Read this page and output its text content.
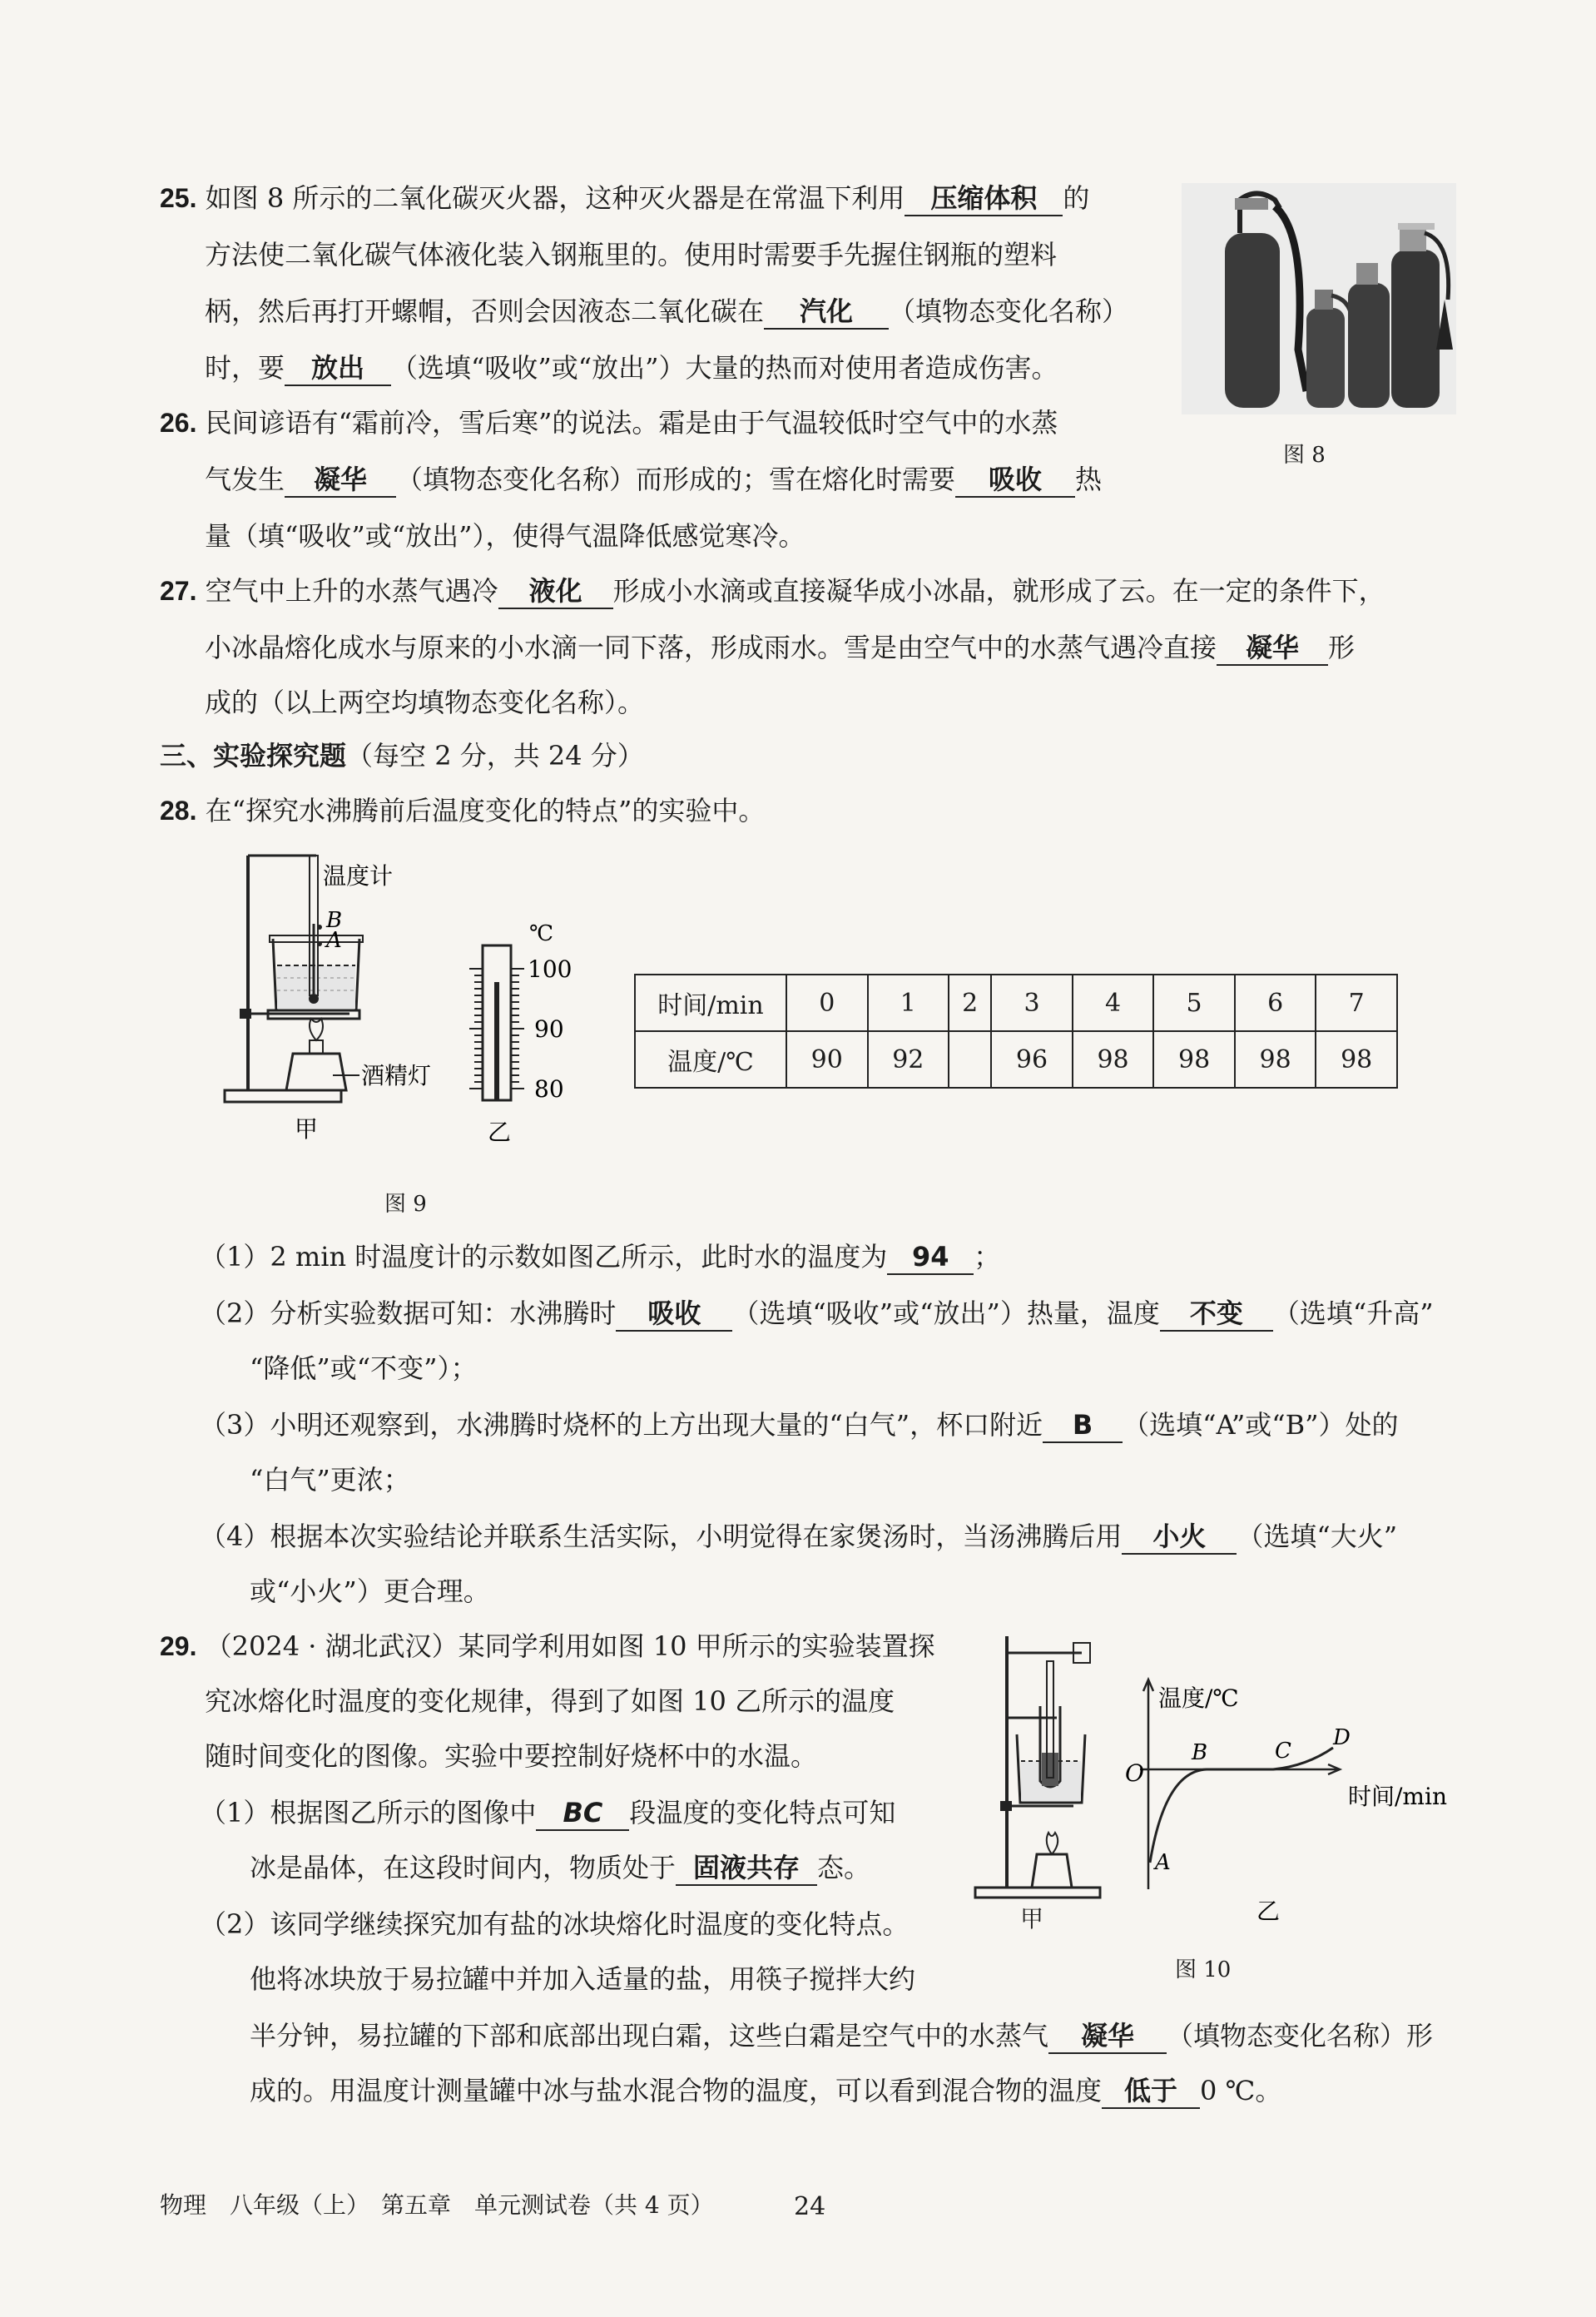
25. 如图 8 所示的二氧化碳灭火器，这种灭火器是在常温下利用 压缩体积 的
方法使二氧化碳气体液化装入钢瓶里的。使用时需要手先握住钢瓶的塑料
柄，然后再打开螺帽，否则会因液态二氧化碳在 汽化 （填物态变化名称）
时，要 放出 （选填“吸收”或“放出”）大量的热而对使用者造成伤害。
图 8
26. 民间谚语有“霜前冷，雪后寒”的说法。霜是由于气温较低时空气中的水蒸
气发生 凝华 （填物态变化名称）而形成的；雪在熔化时需要 吸收 热
量（填“吸收”或“放出”），使得气温降低感觉寒冷。
27. 空气中上升的水蒸气遇冷 液化 形成小水滴或直接凝华成小冰晶，就形成了云。在一定的条件下，
小冰晶熔化成水与原来的小水滴一同下落，形成雨水。雪是由空气中的水蒸气遇冷直接 凝华 形
成的（以上两空均填物态变化名称）。
三、实验探究题（每空 2 分，共 24 分）
28. 在“探究水沸腾前后温度变化的特点”的实验中。
温度计
B
A
酒精灯
甲
℃
100
90
80
乙
图 9
时间/min	0	1	2	3	4	5	6	7
温度/℃	90	92		96	98	98	98	98
（1）2 min 时温度计的示数如图乙所示，此时水的温度为 94 ；
（2）分析实验数据可知：水沸腾时 吸收 （选填“吸收”或“放出”）热量，温度 不变 （选填“升高”
“降低”或“不变”）；
（3）小明还观察到，水沸腾时烧杯的上方出现大量的“白气”，杯口附近 B （选填“A”或“B”）处的
“白气”更浓；
（4）根据本次实验结论并联系生活实际，小明觉得在家煲汤时，当汤沸腾后用 小火 （选填“大火”
或“小火”）更合理。
29. （2024 · 湖北武汉）某同学利用如图 10 甲所示的实验装置探
究冰熔化时温度的变化规律，得到了如图 10 乙所示的温度
随时间变化的图像。实验中要控制好烧杯中的水温。
（1）根据图乙所示的图像中 BC 段温度的变化特点可知
冰是晶体，在这段时间内，物质处于 固液共存 态。
（2）该同学继续探究加有盐的冰块熔化时温度的变化特点。
他将冰块放于易拉罐中并加入适量的盐，用筷子搅拌大约
半分钟，易拉罐的下部和底部出现白霜，这些白霜是空气中的水蒸气 凝华 （填物态变化名称）形
成的。用温度计测量罐中冰与盐水混合物的温度，可以看到混合物的温度 低于 0 ℃。
甲
温度/℃
时间/min
O
A
B	C
D
乙
图 10
物理　八年级（上）　第五章　单元测试卷（共 4 页）	24
